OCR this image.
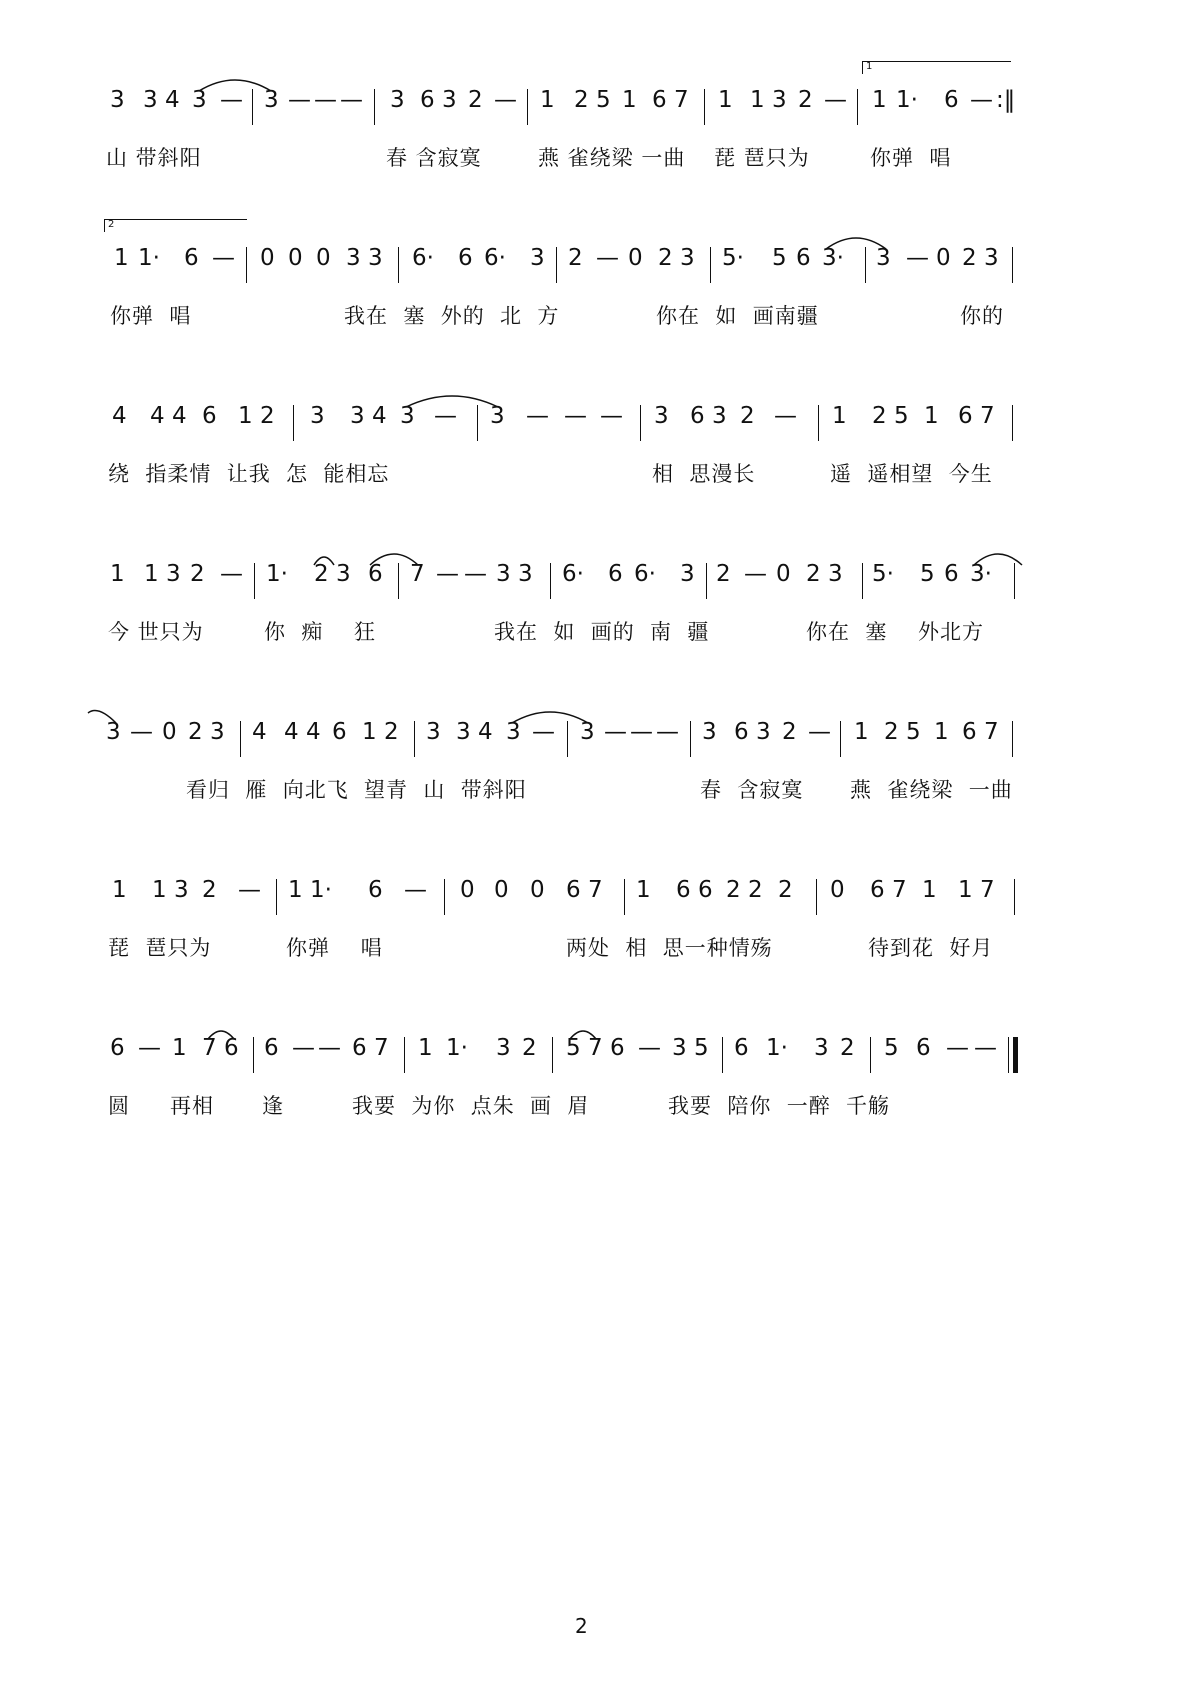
1
3 3 4 3 — 3 — — — 3 6 3 2 — 1 2 5 1 6 7 1 1 3 2 — 1 1· 6 — :‖
山 带斜阳	春 含寂寞	燕 雀绕梁 一曲 琵 琶只为	你弹  唱
2
1 1· 6 — 0 0 0 3 3 6· 6 6· 3 2 — 0 2 3 5· 5 6 3· 3 — 0 2 3
你弹  唱	我在  塞  外的  北  方	你在  如  画南疆	你的
4 4 4 6 1 2 3 3 4 3 — 3 — — — 3 6 3 2 — 1 2 5 1 6 7
绕  指柔情  让我  怎  能相忘	相  思漫长	遥  遥相望  今生
1 1 3 2 — 1· 2 3 6 7 — — 3 3 6· 6 6· 3 2 — 0 2 3 5· 5 6 3·
今 世只为	你  痴    狂	我在  如  画的  南  疆	你在  塞    外北方
3 — 0 2 3 4 4 4 6 1 2 3 3 4 3 — 3 — — — 3 6 3 2 — 1 2 5 1 6 7
看归  雁  向北飞  望青  山  带斜阳	春  含寂寞 燕  雀绕梁  一曲
1 1 3 2 — 1 1· 6 — 0 0 0 6 7 1 6 6 2 2 2 0 6 7 1 1 7
琵  琶只为	你弹    唱	两处  相  思一种情殇	待到花  好月
6 — 1 7 6 6 — — 6 7 1 1· 3 2 5 7 6 — 3 5 6 1· 3 2 5 6 — —
圆 再相 逢	我要  为你  点朱  画  眉	我要  陪你  一醉  千觞
2
